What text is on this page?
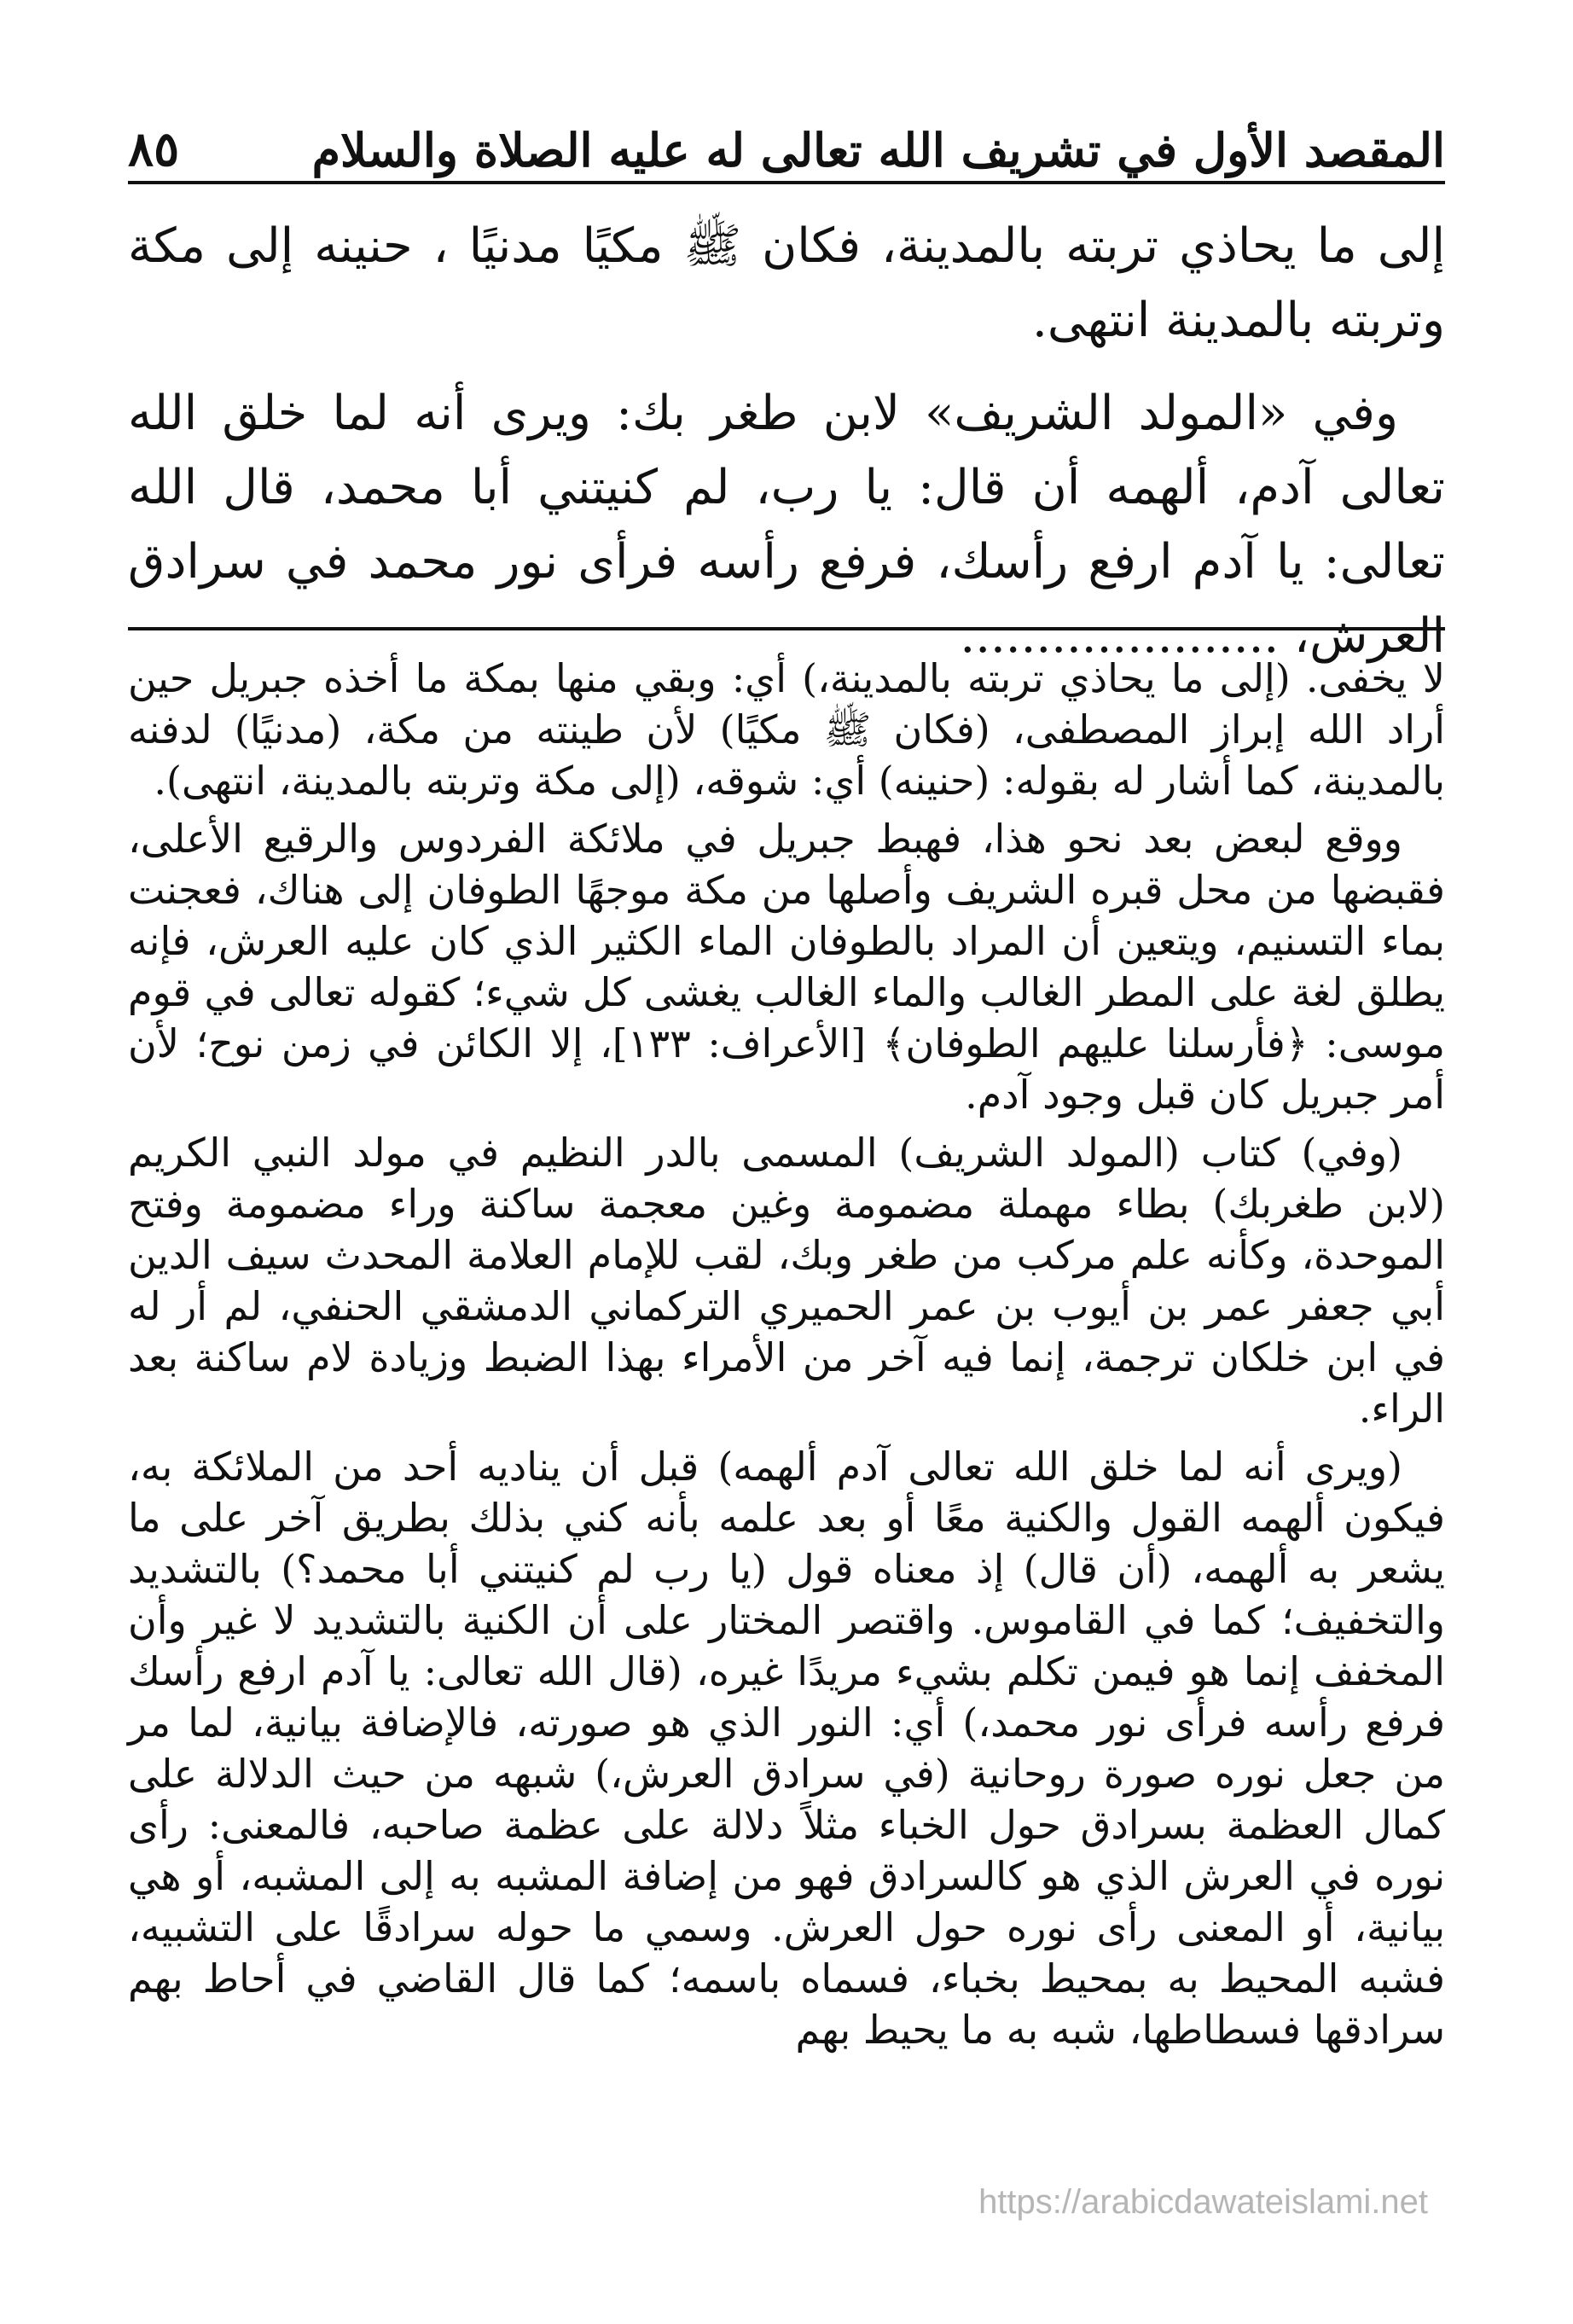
المقصد الأول في تشريف الله تعالى له عليه الصلاة والسلام
٨٥

إلى ما يحاذي تربته بالمدينة، فكان ﷺ مكيًا مدنيًا ، حنينه إلى مكة وتربته بالمدينة انتهى.

وفي «المولد الشريف» لابن طغر بك: ويرى أنه لما خلق الله تعالى آدم، ألهمه أن قال: يا رب، لم كنيتني أبا محمد، قال الله تعالى: يا آدم ارفع رأسك، فرفع رأسه فرأى نور محمد في سرادق العرش، .....................

لا يخفى. (إلى ما يحاذي تربته بالمدينة،) أي: وبقي منها بمكة ما أخذه جبريل حين أراد الله إبراز المصطفى، (فكان ﷺ مكيًا) لأن طينته من مكة، (مدنيًا) لدفنه بالمدينة، كما أشار له بقوله: (حنينه) أي: شوقه، (إلى مكة وتربته بالمدينة، انتهى).

ووقع لبعض بعد نحو هذا، فهبط جبريل في ملائكة الفردوس والرقيع الأعلى، فقبضها من محل قبره الشريف وأصلها من مكة موجهًا الطوفان إلى هناك، فعجنت بماء التسنيم، ويتعين أن المراد بالطوفان الماء الكثير الذي كان عليه العرش، فإنه يطلق لغة على المطر الغالب والماء الغالب يغشى كل شيء؛ كقوله تعالى في قوم موسى: ﴿فأرسلنا عليهم الطوفان﴾ [الأعراف: ١٣٣]، إلا الكائن في زمن نوح؛ لأن أمر جبريل كان قبل وجود آدم.

(وفي) كتاب (المولد الشريف) المسمى بالدر النظيم في مولد النبي الكريم (لابن طغربك) بطاء مهملة مضمومة وغين معجمة ساكنة وراء مضمومة وفتح الموحدة، وكأنه علم مركب من طغر وبك، لقب للإمام العلامة المحدث سيف الدين أبي جعفر عمر بن أيوب بن عمر الحميري التركماني الدمشقي الحنفي، لم أر له في ابن خلكان ترجمة، إنما فيه آخر من الأمراء بهذا الضبط وزيادة لام ساكنة بعد الراء.

(ويرى أنه لما خلق الله تعالى آدم ألهمه) قبل أن يناديه أحد من الملائكة به، فيكون ألهمه القول والكنية معًا أو بعد علمه بأنه كني بذلك بطريق آخر على ما يشعر به ألهمه، (أن قال) إذ معناه قول (يا رب لم كنيتني أبا محمد؟) بالتشديد والتخفيف؛ كما في القاموس. واقتصر المختار على أن الكنية بالتشديد لا غير وأن المخفف إنما هو فيمن تكلم بشيء مريدًا غيره، (قال الله تعالى: يا آدم ارفع رأسك فرفع رأسه فرأى نور محمد،) أي: النور الذي هو صورته، فالإضافة بيانية، لما مر من جعل نوره صورة روحانية (في سرادق العرش،) شبهه من حيث الدلالة على كمال العظمة بسرادق حول الخباء مثلاً دلالة على عظمة صاحبه، فالمعنى: رأى نوره في العرش الذي هو كالسرادق فهو من إضافة المشبه به إلى المشبه، أو هي بيانية، أو المعنى رأى نوره حول العرش. وسمي ما حوله سرادقًا على التشبيه، فشبه المحيط به بمحيط بخباء، فسماه باسمه؛ كما قال القاضي في أحاط بهم سرادقها فسطاطها، شبه به ما يحيط بهم

https://arabicdawateislami.net
